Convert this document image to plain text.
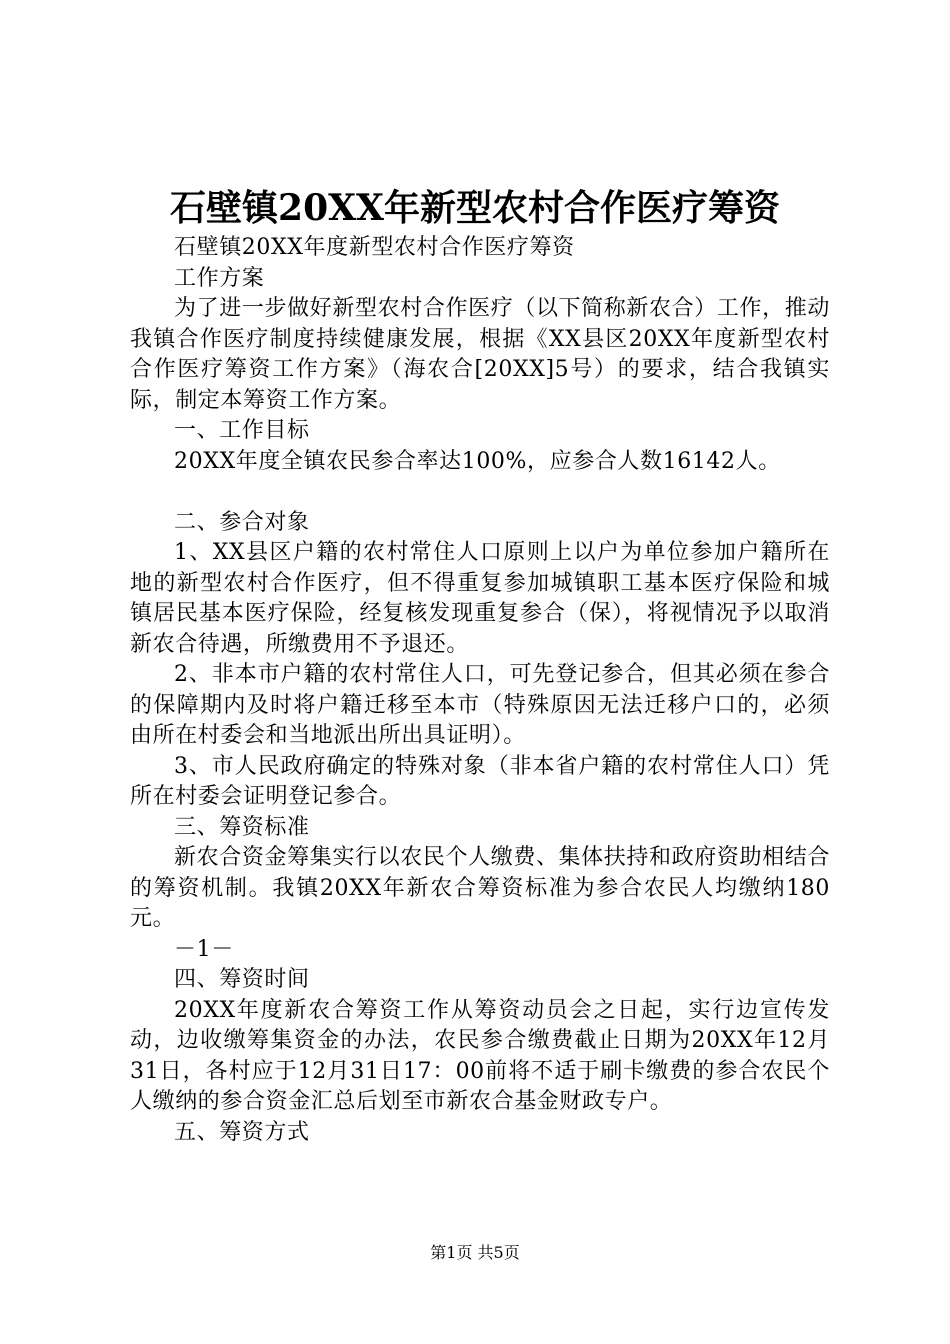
石壁镇20XX年新型农村合作医疗筹资

石壁镇20XX年度新型农村合作医疗筹资

工作方案

为了进一步做好新型农村合作医疗（以下简称新农合）工作，推动我镇合作医疗制度持续健康发展，根据《XX县区20XX年度新型农村合作医疗筹资工作方案》（海农合[20XX]5号）的要求，结合我镇实际，制定本筹资工作方案。

一、工作目标

20XX年度全镇农民参合率达100%，应参合人数16142人。

二、参合对象

1、XX县区户籍的农村常住人口原则上以户为单位参加户籍所在地的新型农村合作医疗，但不得重复参加城镇职工基本医疗保险和城镇居民基本医疗保险，经复核发现重复参合（保），将视情况予以取消新农合待遇，所缴费用不予退还。

2、非本市户籍的农村常住人口，可先登记参合，但其必须在参合的保障期内及时将户籍迁移至本市（特殊原因无法迁移户口的，必须由所在村委会和当地派出所出具证明）。

3、市人民政府确定的特殊对象（非本省户籍的农村常住人口）凭所在村委会证明登记参合。

三、筹资标准

新农合资金筹集实行以农民个人缴费、集体扶持和政府资助相结合的筹资机制。我镇20XX年新农合筹资标准为参合农民人均缴纳180元。

－1－

四、筹资时间

20XX年度新农合筹资工作从筹资动员会之日起，实行边宣传发动，边收缴筹集资金的办法，农民参合缴费截止日期为20XX年12月31日，各村应于12月31日17：00前将不适于刷卡缴费的参合农民个人缴纳的参合资金汇总后划至市新农合基金财政专户。

五、筹资方式

第1页 共5页
